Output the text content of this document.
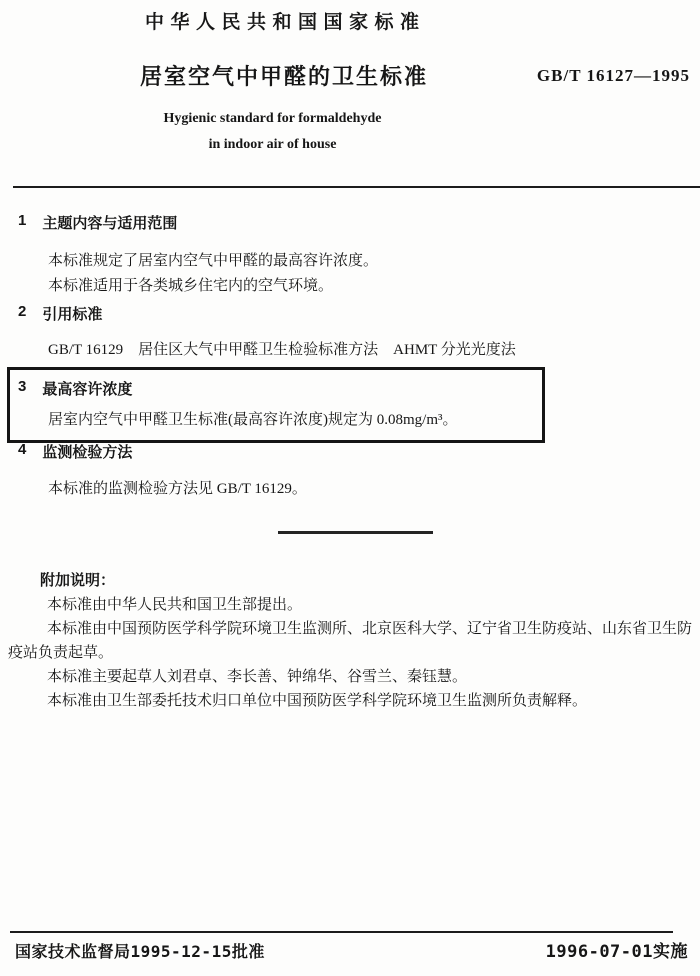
中华人民共和国国家标准
居室空气中甲醛的卫生标准	GB/T 16127—1995
Hygienic standard for formaldehyde
in indoor air of house
1 主题内容与适用范围
本标准规定了居室内空气中甲醛的最高容许浓度。
本标准适用于各类城乡住宅内的空气环境。
2 引用标准
GB/T 16129　居住区大气中甲醛卫生检验标准方法　AHMT 分光光度法
3 最高容许浓度
居室内空气中甲醛卫生标准(最高容许浓度)规定为 0.08mg/m³。
4 监测检验方法
本标准的监测检验方法见 GB/T 16129。
附加说明：

本标准由中华人民共和国卫生部提出。

本标准由中国预防医学科学院环境卫生监测所、北京医科大学、辽宁省卫生防疫站、山东省卫生防疫站负责起草。

本标准主要起草人刘君卓、李长善、钟绵华、谷雪兰、秦钰慧。

本标准由卫生部委托技术归口单位中国预防医学科学院环境卫生监测所负责解释。

国家技术监督局1995-12-15批准	1996-07-01实施
